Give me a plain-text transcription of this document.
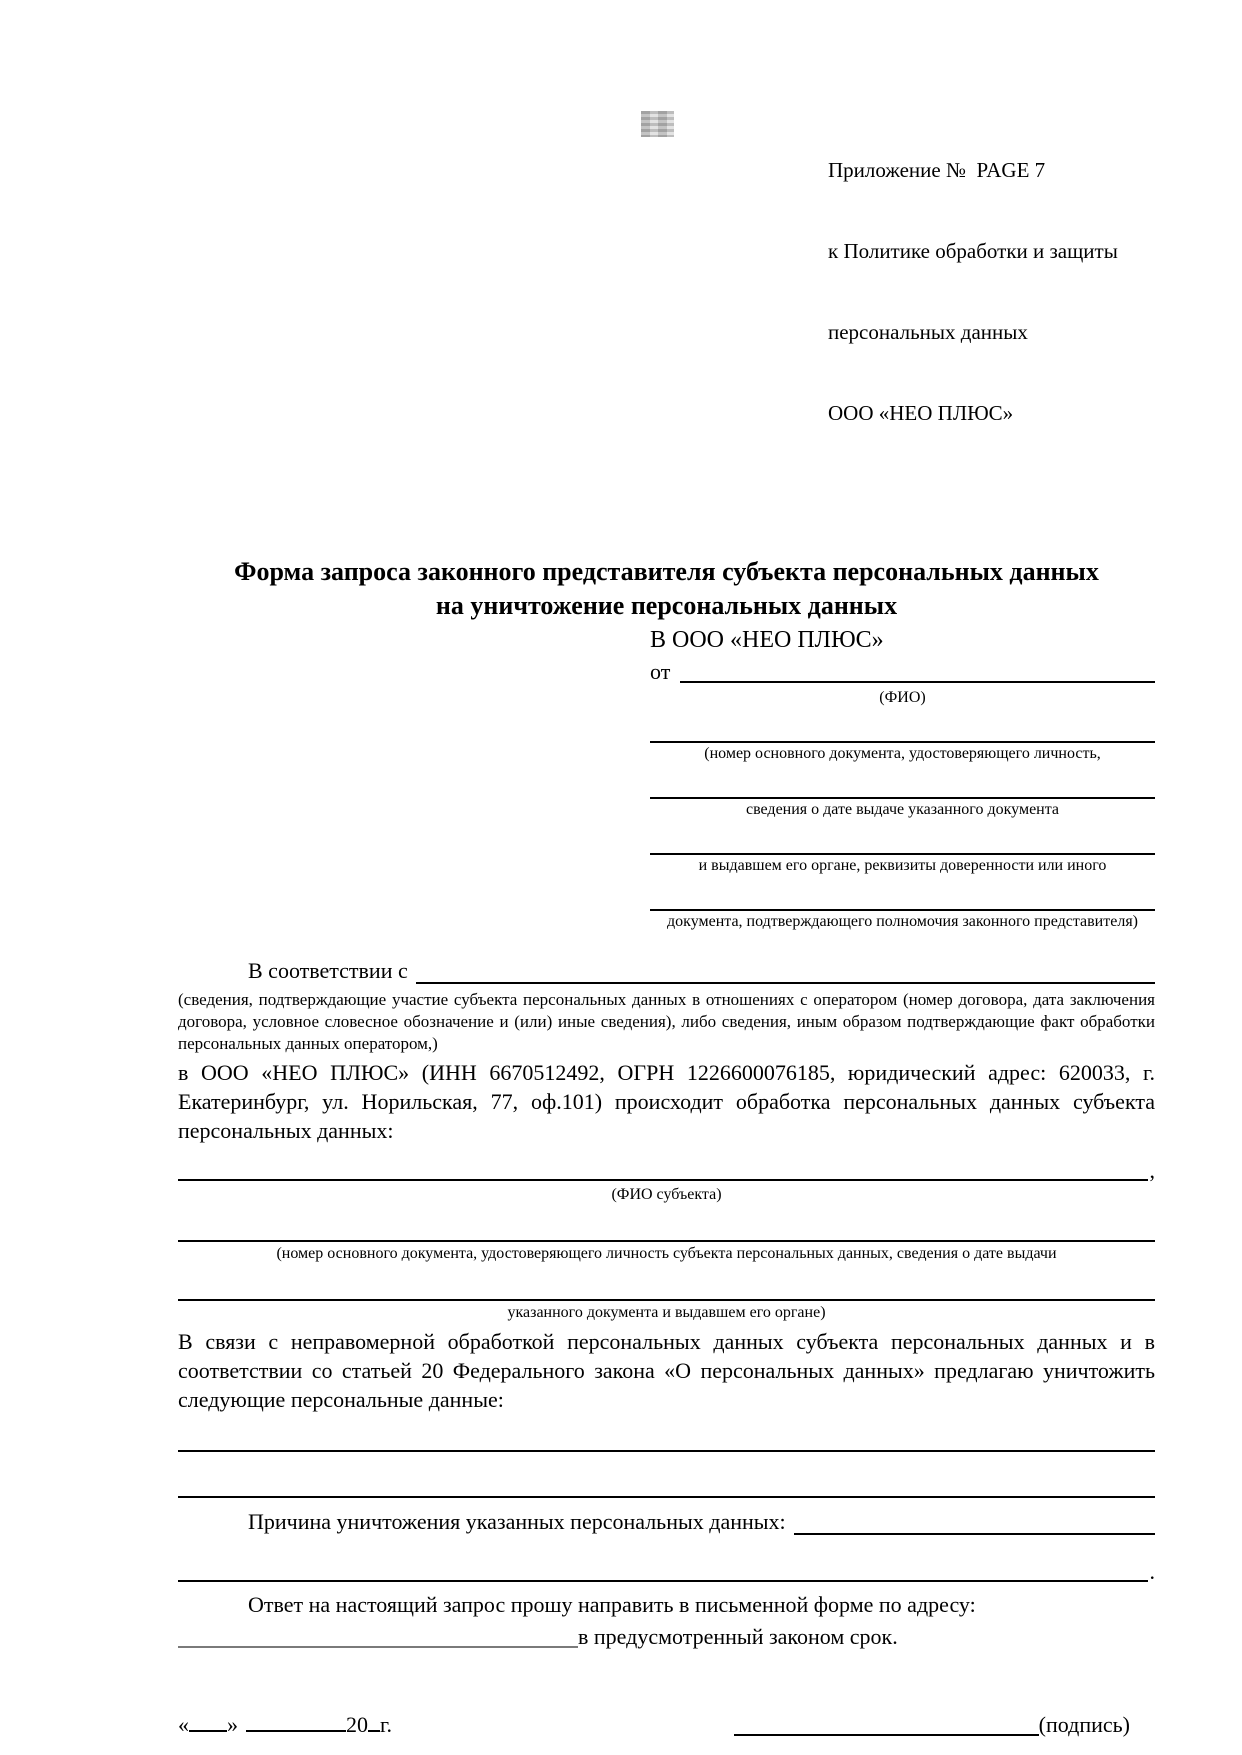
Приложение №  PAGE 7

к Политике обработки и защиты

персональных данных

ООО «НЕО ПЛЮС»

Форма запроса законного представителя субъекта персональных данных
на уничтожение персональных данных
В ООО «НЕО ПЛЮС»
от
(ФИО)
(номер основного документа, удостоверяющего личность,
сведения о дате выдаче указанного документа
и выдавшем его органе, реквизиты доверенности или иного
документа, подтверждающего полномочия законного представителя)
В соответствии с
(сведения, подтверждающие участие субъекта персональных данных в отношениях с оператором (номер договора, дата заключения договора, условное словесное обозначение и (или) иные сведения), либо сведения, иным образом подтверждающие факт обработки персональных данных оператором,)
в ООО «НЕО ПЛЮС» (ИНН 6670512492, ОГРН 1226600076185, юридический адрес: 620033, г. Екатеринбург, ул. Норильская, 77, оф.101) происходит обработка персональных данных субъекта персональных данных:
,
(ФИО субъекта)
(номер основного документа, удостоверяющего личность субъекта персональных данных, сведения о дате выдачи
указанного документа и выдавшем его органе)
В связи с неправомерной обработкой персональных данных субъекта персональных данных и в соответствии со статьей 20 Федерального закона «О персональных данных» предлагаю уничтожить следующие персональные данные:
Причина уничтожения указанных персональных данных:
.
Ответ на настоящий запрос прошу направить в письменной форме по адресу:
в предусмотренный законом срок.
« »	20 г.	(подпись)
